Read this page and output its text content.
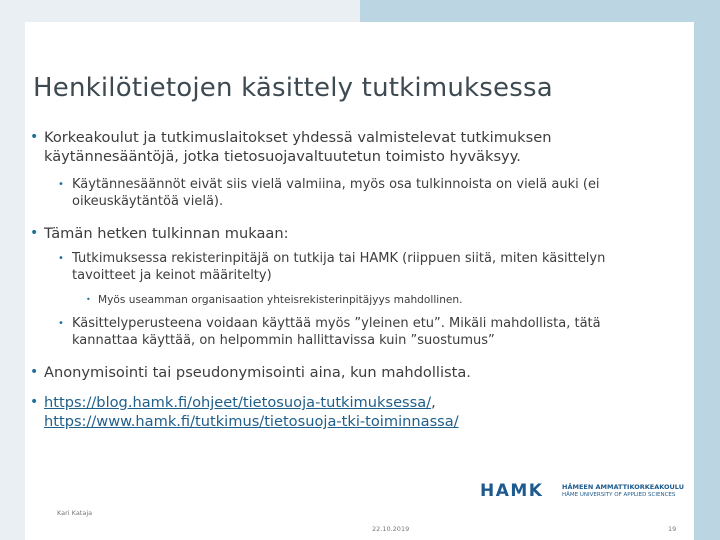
Henkilötietojen käsittely tutkimuksessa

• Korkeakoulut ja tutkimuslaitokset yhdessä valmistelevat tutkimuksen käytännesääntöjä, jotka tietosuojavaltuutetun toimisto hyväksyy.

• Käytännesäännöt eivät siis vielä valmiina, myös osa tulkinnoista on vielä auki (ei oikeuskäytäntöä vielä).

• Tämän hetken tulkinnan mukaan:

• Tutkimuksessa rekisterinpitäjä on tutkija tai HAMK (riippuen siitä, miten käsittelyn tavoitteet ja keinot määritelty)

• Myös useamman organisaation yhteisrekisterinpitäjyys mahdollinen.

• Käsittelyperusteena voidaan käyttää myös ”yleinen etu”. Mikäli mahdollista, tätä kannattaa käyttää, on helpommin hallittavissa kuin ”suostumus”

• Anonymisointi tai pseudonymisointi aina, kun mahdollista.

• https://blog.hamk.fi/ohjeet/tietosuoja-tutkimuksessa/,
https://www.hamk.fi/tutkimus/tietosuoja-tki-toiminnassa/

HAMK	HÄMEEN AMMATTIKORKEAKOULU
HÄME UNIVERSITY OF APPLIED SCIENCES
Kari Kataja
22.10.2019	19
